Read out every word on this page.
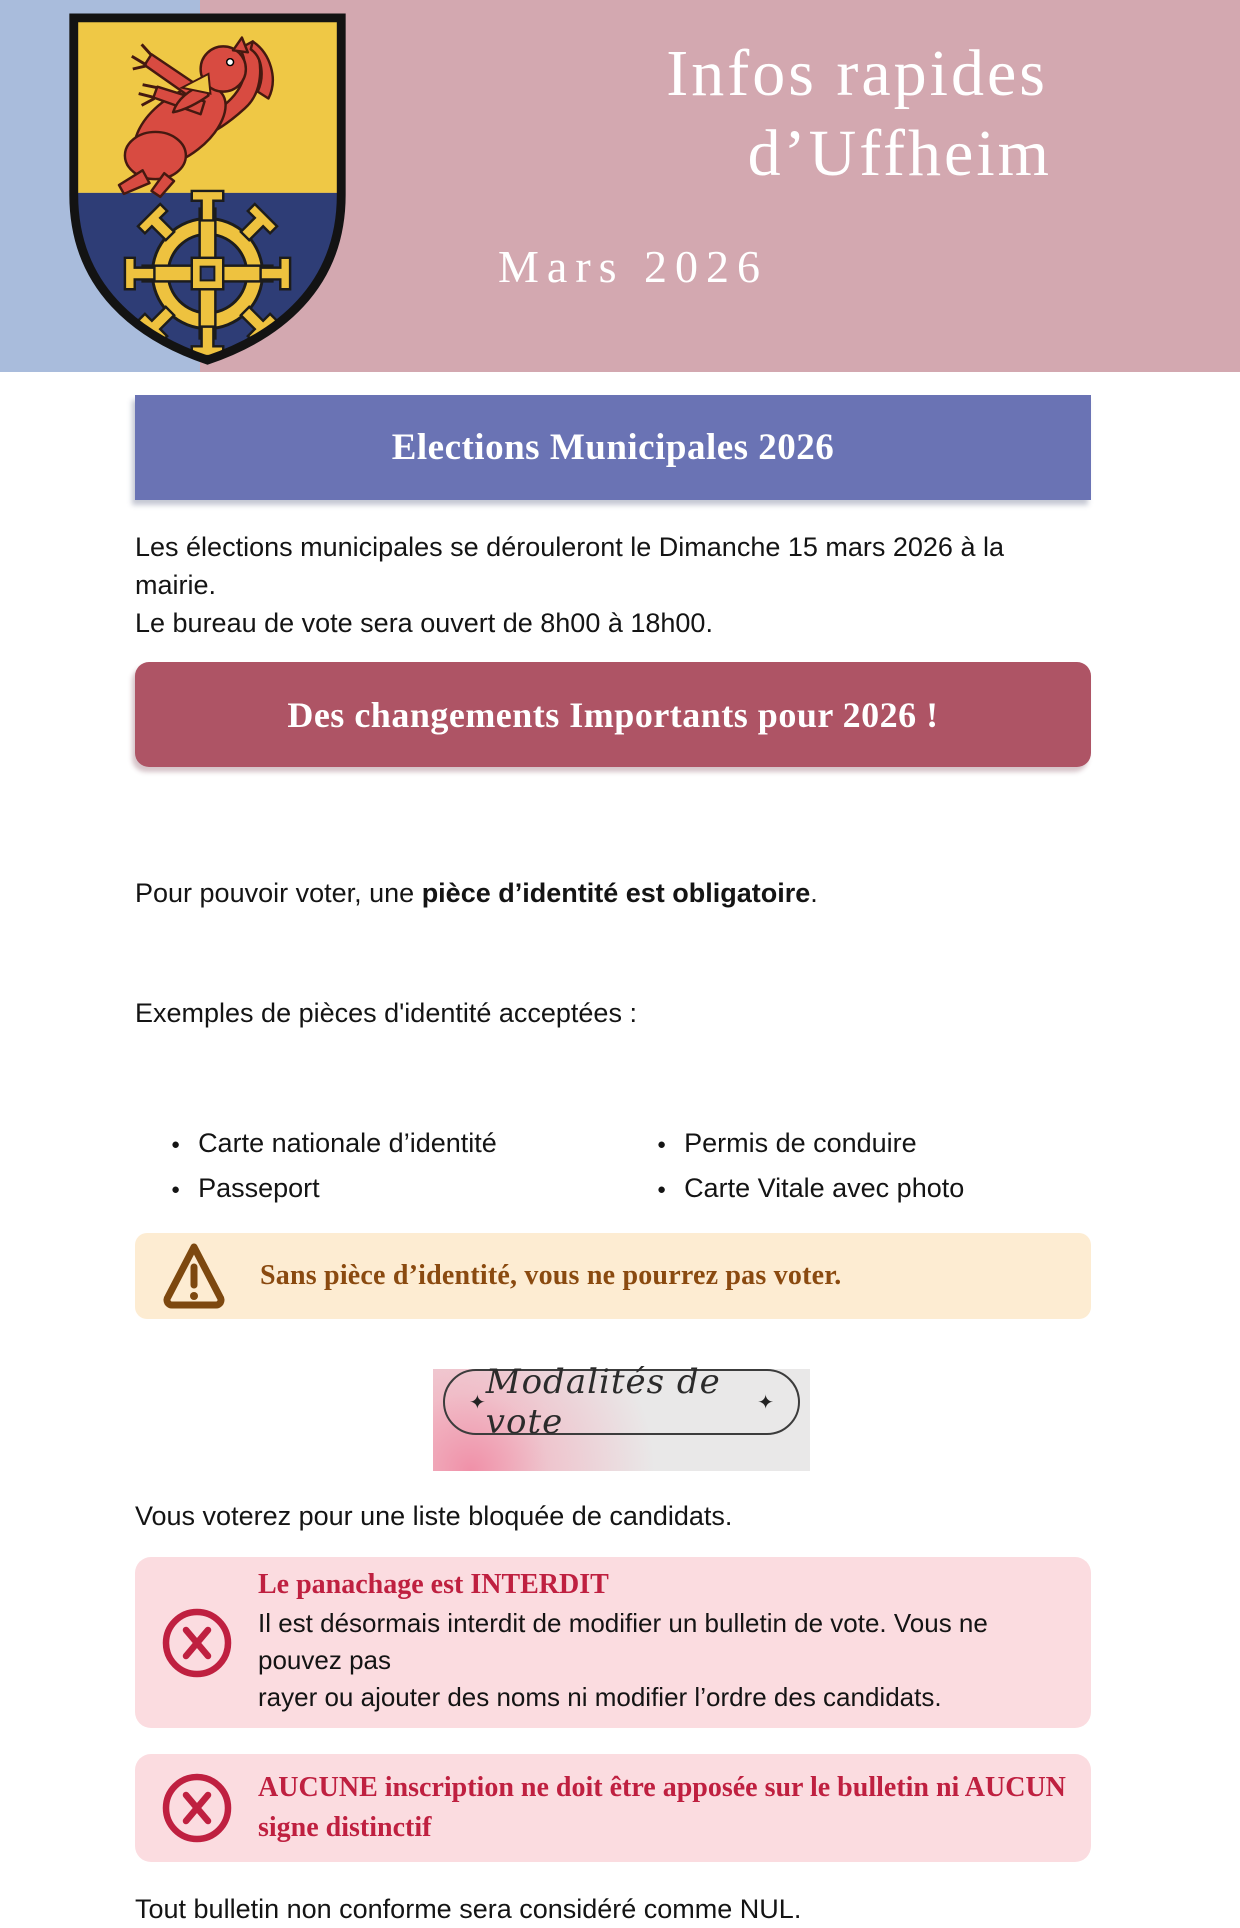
Infos rapides
d’Uffheim
Mars 2026
Elections Municipales 2026
Les élections municipales se dérouleront le Dimanche 15 mars 2026 à la mairie.
Le bureau de vote sera ouvert de 8h00 à 18h00.
Des changements Importants pour 2026 !

Pour pouvoir voter, une pièce d’identité est obligatoire.

Exemples de pièces d'identité acceptées :

● Carte nationale d’identité
● Passeport
● Permis de conduire
● Carte Vitale avec photo
Sans pièce d’identité, vous ne pourrez pas voter.
✦
Modalités de vote	✦
Vous voterez pour une liste bloquée de candidats.
Le panachage est INTERDIT
Il est désormais interdit de modifier un bulletin de vote. Vous ne pouvez pas
rayer ou ajouter des noms ni modifier l’ordre des candidats.
AUCUNE inscription ne doit être apposée sur le bulletin ni AUCUN
signe distinctif
Tout bulletin non conforme sera considéré comme NUL.
